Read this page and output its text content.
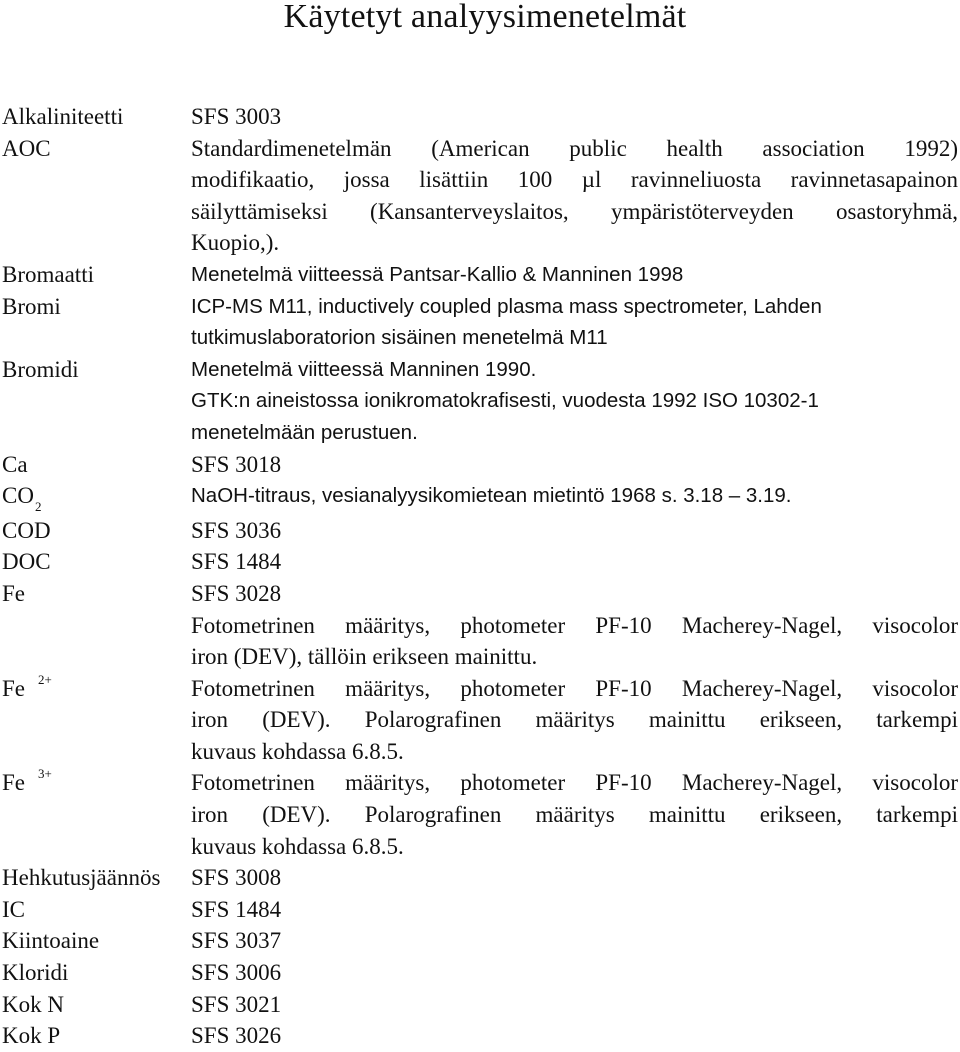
Käytetyt analyysimenetelmät
Alkaliniteetti	SFS 3003
AOC	Standardimenetelmän (American public health association 1992)
modifikaatio, jossa lisättiin 100 µl ravinneliuosta ravinnetasapainon
säilyttämiseksi (Kansanterveyslaitos, ympäristöterveyden osastoryhmä,
Kuopio,).
Bromaatti	Menetelmä viitteessä Pantsar-Kallio & Manninen 1998
Bromi	ICP-MS M11, inductively coupled plasma mass spectrometer, Lahden
tutkimuslaboratorion sisäinen menetelmä M11
Bromidi	Menetelmä viitteessä Manninen 1990.
GTK:n aineistossa ionikromatokrafisesti, vuodesta 1992 ISO 10302-1
menetelmään perustuen.
Ca	SFS 3018
$CO_2$	NaOH-titraus, vesianalyysikomietean mietintö 1968 s. 3.18 – 3.19.
COD	SFS 3036
DOC	SFS 1484
Fe	SFS 3028
Fotometrinen määritys, photometer PF-10 Macherey-Nagel, visocolor
iron (DEV), tällöin erikseen mainittu.
Fe $^{2+}$	Fotometrinen määritys, photometer PF-10 Macherey-Nagel, visocolor
iron (DEV). Polarografinen määritys mainittu erikseen, tarkempi
kuvaus kohdassa 6.8.5.
Fe $^{3+}$	Fotometrinen määritys, photometer PF-10 Macherey-Nagel, visocolor
iron (DEV). Polarografinen määritys mainittu erikseen, tarkempi
kuvaus kohdassa 6.8.5.
Hehkutusjäännös	SFS 3008
IC	SFS 1484
Kiintoaine	SFS 3037
Kloridi	SFS 3006
Kok N	SFS 3021
Kok P	SFS 3026
